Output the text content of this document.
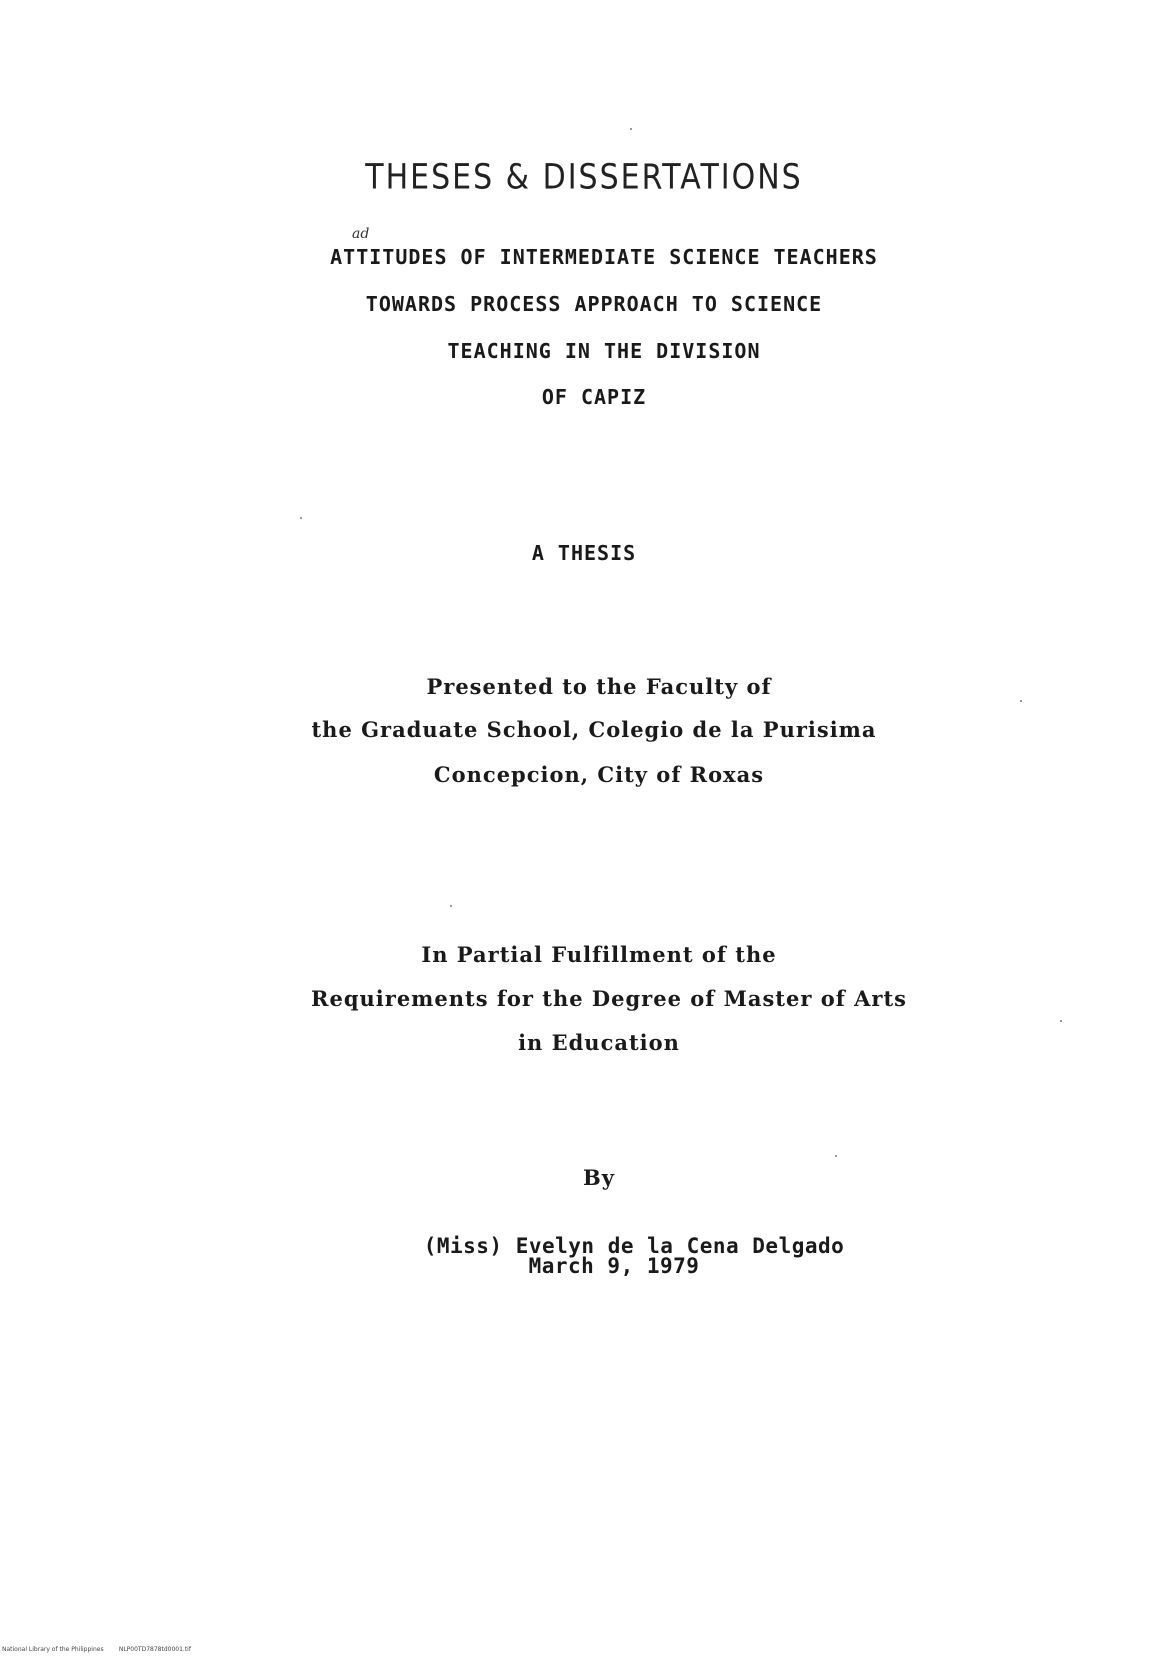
THESES & DISSERTATIONS
ad
ATTITUDES OF INTERMEDIATE SCIENCE TEACHERS
TOWARDS PROCESS APPROACH TO SCIENCE
TEACHING IN THE DIVISION
OF CAPIZ
A THESIS
Presented to the Faculty of
the Graduate School, Colegio de la Purisima
Concepcion, City of Roxas
In Partial Fulfillment of the
Requirements for the Degree of Master of Arts
in Education
By
(Miss) Evelyn de la Cena Delgado
March 9, 1979
National Library of the Philippines	NLP00TD7878td0001.tif
